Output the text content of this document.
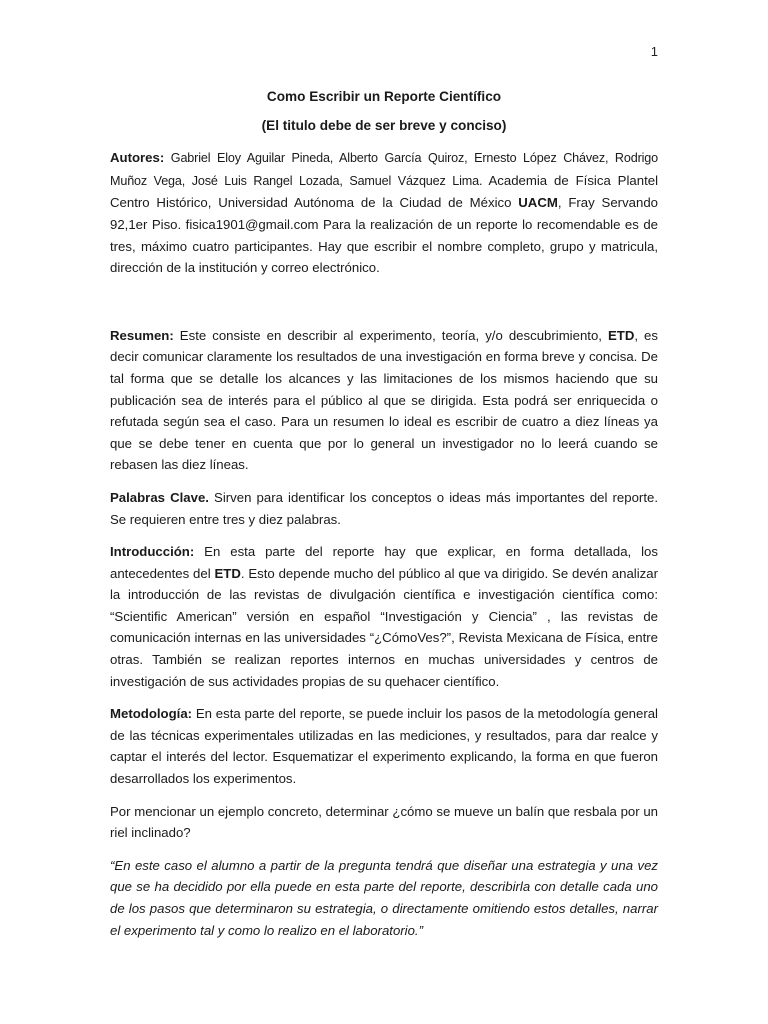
1

Como Escribir un Reporte Científico

(El titulo debe de ser breve y conciso)

Autores: Gabriel Eloy Aguilar Pineda, Alberto García Quiroz, Ernesto López Chávez, Rodrigo Muñoz Vega, José Luis Rangel Lozada, Samuel Vázquez Lima. Academia de Física Plantel Centro Histórico, Universidad Autónoma de la Ciudad de México UACM, Fray Servando 92,1er Piso. fisica1901@gmail.com Para la realización de un reporte lo recomendable es de tres, máximo cuatro participantes. Hay que escribir el nombre completo, grupo y matricula, dirección de la institución y correo electrónico.

Resumen: Este consiste en describir al experimento, teoría, y/o descubrimiento, ETD, es decir comunicar claramente los resultados de una investigación en forma breve y concisa. De tal forma que se detalle los alcances y las limitaciones de los mismos haciendo que su publicación sea de interés para el público al que se dirigida. Esta podrá ser enriquecida o refutada según sea el caso. Para un resumen lo ideal es escribir de cuatro a diez líneas ya que se debe tener en cuenta que por lo general un investigador no lo leerá cuando se rebasen las diez líneas.

Palabras Clave. Sirven para identificar los conceptos o ideas más importantes del reporte. Se requieren entre tres y diez palabras.

Introducción: En esta parte del reporte hay que explicar, en forma detallada, los antecedentes del ETD. Esto depende mucho del público al que va dirigido. Se devén analizar la introducción de las revistas de divulgación científica e investigación científica como: “Scientific American” versión en español “Investigación y Ciencia” , las revistas de comunicación internas en las universidades “¿CómoVes?”, Revista Mexicana de Física, entre otras. También se realizan reportes internos en muchas universidades y centros de investigación de sus actividades propias de su quehacer científico.

Metodología: En esta parte del reporte, se puede incluir los pasos de la metodología general de las técnicas experimentales utilizadas en las mediciones, y resultados, para dar realce y captar el interés del lector. Esquematizar el experimento explicando, la forma en que fueron desarrollados los experimentos.

Por mencionar un ejemplo concreto, determinar ¿cómo se mueve un balín que resbala por un riel inclinado?

“En este caso el alumno a partir de la pregunta tendrá que diseñar una estrategia y una vez que se ha decidido por ella puede en esta parte del reporte, describirla con detalle cada uno de los pasos que determinaron su estrategia, o directamente omitiendo estos detalles, narrar el experimento tal y como lo realizo en el laboratorio.”
